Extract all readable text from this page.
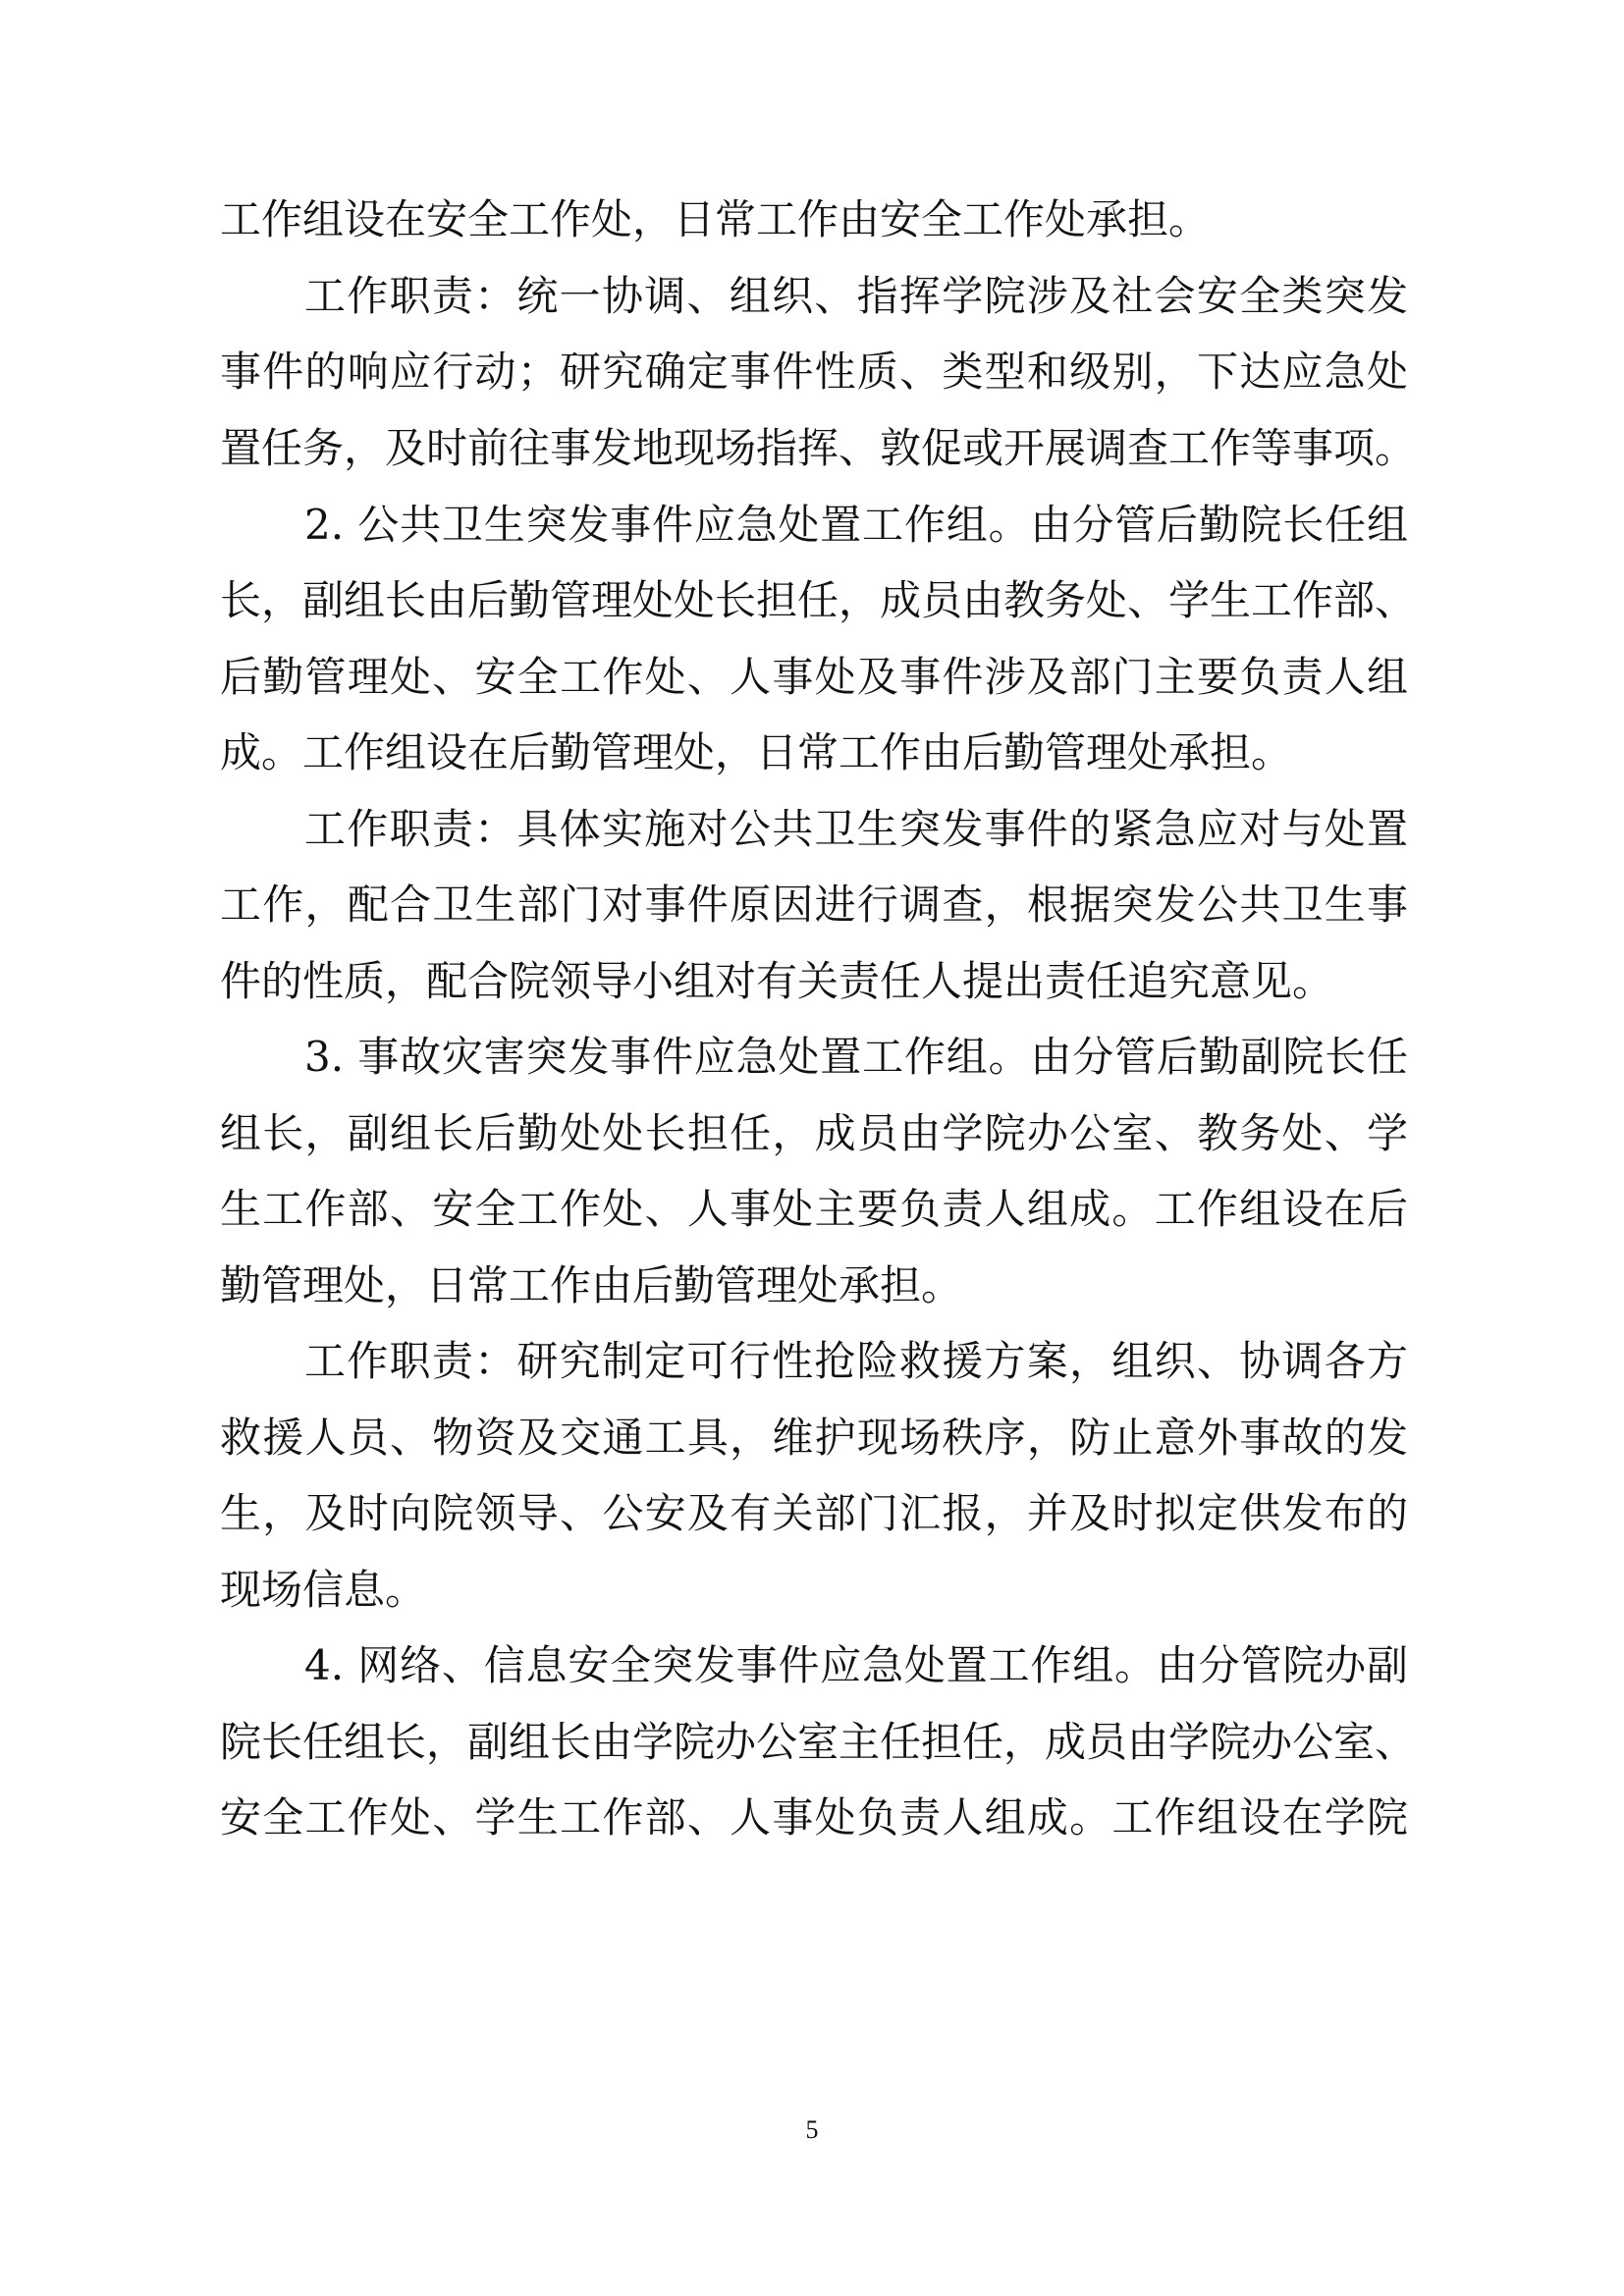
工作组设在安全工作处，日常工作由安全工作处承担。
工作职责：统一协调、组织、指挥学院涉及社会安全类突发
事件的响应行动；研究确定事件性质、类型和级别，下达应急处
置任务，及时前往事发地现场指挥、敦促或开展调查工作等事项。
2. 公共卫生突发事件应急处置工作组。由分管后勤院长任组
长，副组长由后勤管理处处长担任，成员由教务处、学生工作部、
后勤管理处、安全工作处、人事处及事件涉及部门主要负责人组
成。工作组设在后勤管理处，日常工作由后勤管理处承担。
工作职责：具体实施对公共卫生突发事件的紧急应对与处置
工作，配合卫生部门对事件原因进行调查，根据突发公共卫生事
件的性质，配合院领导小组对有关责任人提出责任追究意见。
3. 事故灾害突发事件应急处置工作组。由分管后勤副院长任
组长，副组长后勤处处长担任，成员由学院办公室、教务处、学
生工作部、安全工作处、人事处主要负责人组成。工作组设在后
勤管理处，日常工作由后勤管理处承担。
工作职责：研究制定可行性抢险救援方案，组织、协调各方
救援人员、物资及交通工具，维护现场秩序，防止意外事故的发
生，及时向院领导、公安及有关部门汇报，并及时拟定供发布的
现场信息。
4. 网络、信息安全突发事件应急处置工作组。由分管院办副
院长任组长，副组长由学院办公室主任担任，成员由学院办公室、
安全工作处、学生工作部、人事处负责人组成。工作组设在学院
5
